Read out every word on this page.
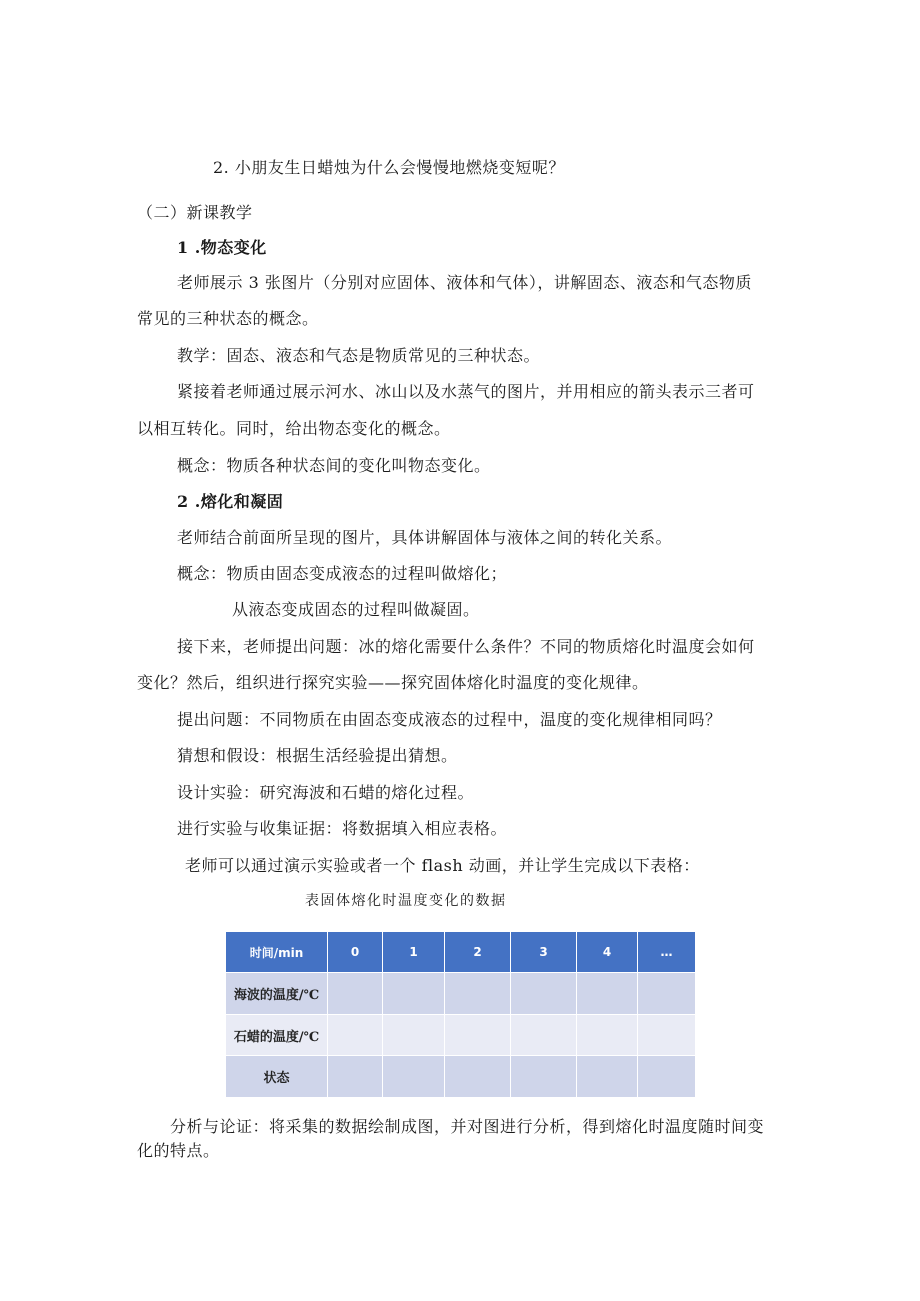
2. 小朋友生日蜡烛为什么会慢慢地燃烧变短呢？
（二）新课教学
1 .物态变化
老师展示 3 张图片（分别对应固体、液体和气体），讲解固态、液态和气态物质
常见的三种状态的概念。
教学：固态、液态和气态是物质常见的三种状态。
紧接着老师通过展示河水、冰山以及水蒸气的图片，并用相应的箭头表示三者可
以相互转化。同时，给出物态变化的概念。
概念：物质各种状态间的变化叫物态变化。
2 .熔化和凝固
老师结合前面所呈现的图片，具体讲解固体与液体之间的转化关系。
概念：物质由固态变成液态的过程叫做熔化；
从液态变成固态的过程叫做凝固。
接下来，老师提出问题：冰的熔化需要什么条件？不同的物质熔化时温度会如何
变化？然后，组织进行探究实验——探究固体熔化时温度的变化规律。
提出问题：不同物质在由固态变成液态的过程中，温度的变化规律相同吗？
猜想和假设：根据生活经验提出猜想。
设计实验：研究海波和石蜡的熔化过程。
进行实验与收集证据：将数据填入相应表格。
老师可以通过演示实验或者一个 flash 动画，并让学生完成以下表格：
表固体熔化时温度变化的数据
时间/min	0	1	2	3	4	…
海波的温度/℃						
石蜡的温度/℃						
状态						
分析与论证：将采集的数据绘制成图，并对图进行分析，得到熔化时温度随时间变
化的特点。
